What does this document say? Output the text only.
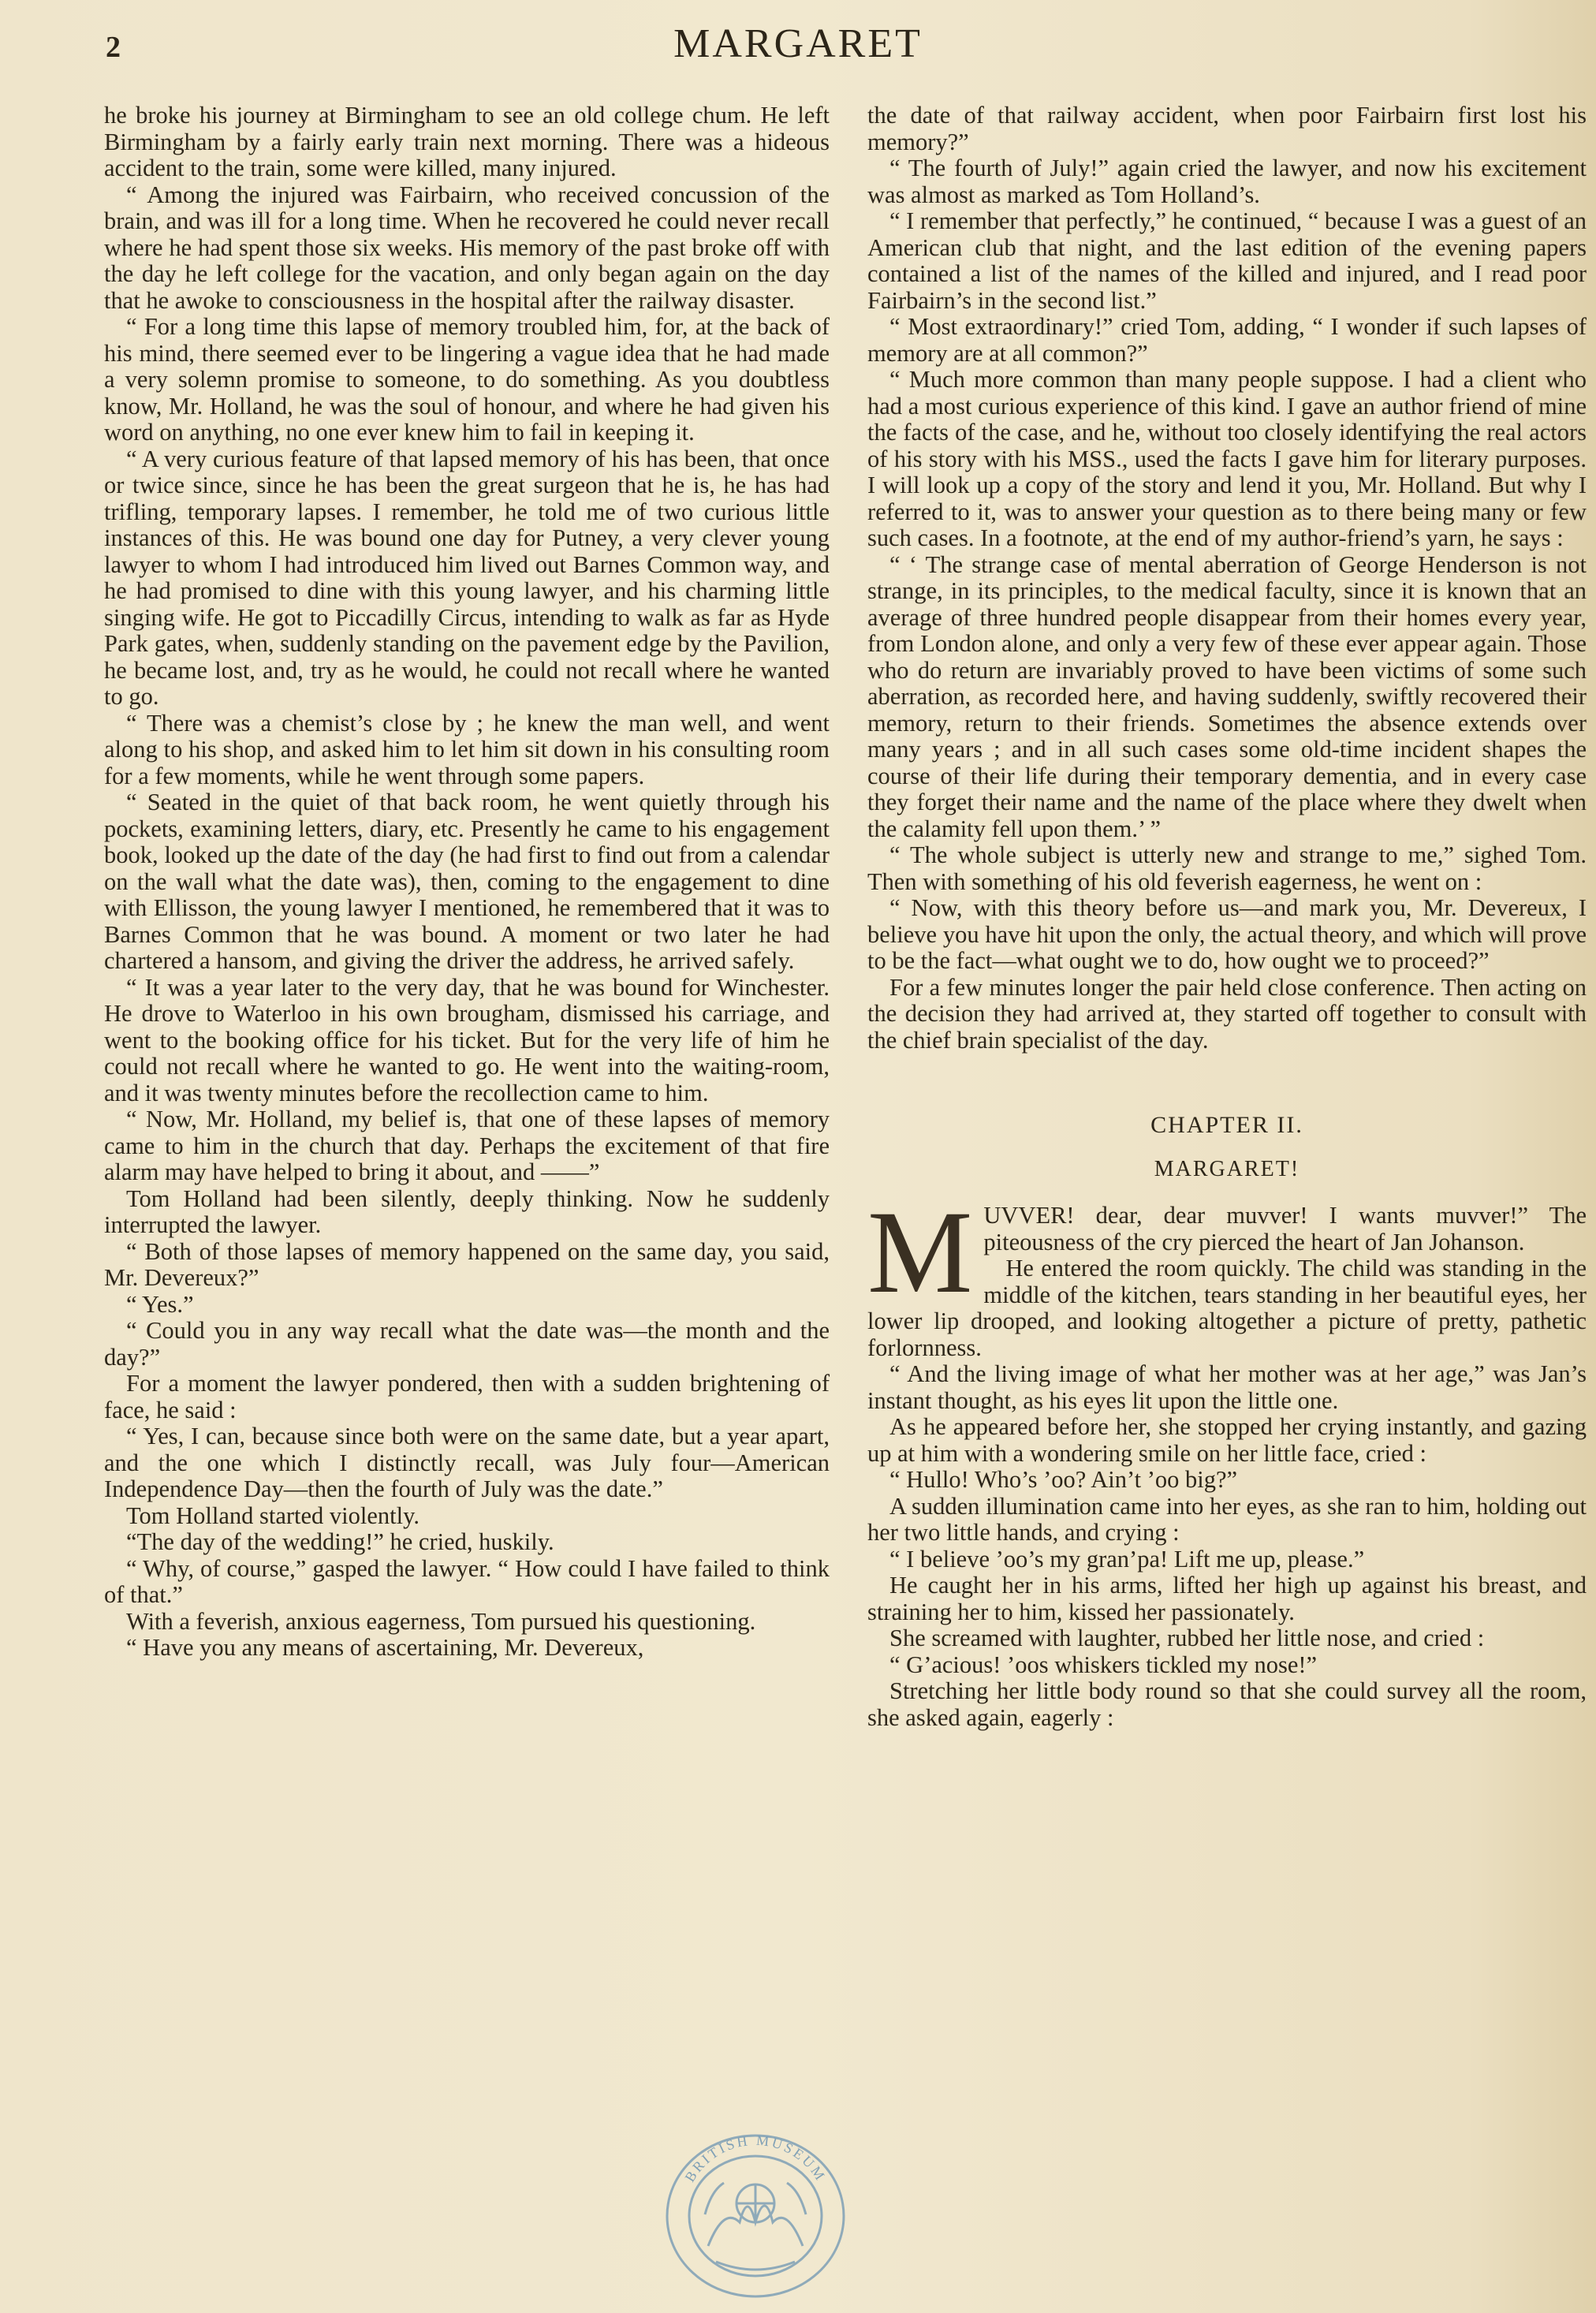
2	MARGARET

he broke his journey at Birmingham to see an old college chum. He left Birmingham by a fairly early train next morning. There was a hideous accident to the train, some were killed, many injured.

“ Among the injured was Fairbairn, who received concussion of the brain, and was ill for a long time. When he recovered he could never recall where he had spent those six weeks. His memory of the past broke off with the day he left college for the vacation, and only began again on the day that he awoke to consciousness in the hospital after the railway disaster.

“ For a long time this lapse of memory troubled him, for, at the back of his mind, there seemed ever to be lingering a vague idea that he had made a very solemn promise to someone, to do something. As you doubtless know, Mr. Holland, he was the soul of honour, and where he had given his word on anything, no one ever knew him to fail in keeping it.

“ A very curious feature of that lapsed memory of his has been, that once or twice since, since he has been the great surgeon that he is, he has had trifling, temporary lapses. I remember, he told me of two curious little instances of this. He was bound one day for Putney, a very clever young lawyer to whom I had introduced him lived out Barnes Common way, and he had promised to dine with this young lawyer, and his charming little singing wife. He got to Piccadilly Circus, intending to walk as far as Hyde Park gates, when, suddenly standing on the pavement edge by the Pavilion, he became lost, and, try as he would, he could not recall where he wanted to go.

“ There was a chemist’s close by ; he knew the man well, and went along to his shop, and asked him to let him sit down in his consulting room for a few moments, while he went through some papers.

“ Seated in the quiet of that back room, he went quietly through his pockets, examining letters, diary, etc. Presently he came to his engagement book, looked up the date of the day (he had first to find out from a calendar on the wall what the date was), then, coming to the engagement to dine with Ellisson, the young lawyer I mentioned, he remembered that it was to Barnes Common that he was bound. A moment or two later he had chartered a hansom, and giving the driver the address, he arrived safely.

“ It was a year later to the very day, that he was bound for Winchester. He drove to Waterloo in his own brougham, dismissed his carriage, and went to the booking office for his ticket. But for the very life of him he could not recall where he wanted to go. He went into the waiting-room, and it was twenty minutes before the recollection came to him.

“ Now, Mr. Holland, my belief is, that one of these lapses of memory came to him in the church that day. Perhaps the excitement of that fire alarm may have helped to bring it about, and ——”

Tom Holland had been silently, deeply thinking. Now he suddenly interrupted the lawyer.

“ Both of those lapses of memory happened on the same day, you said, Mr. Devereux?”

“ Yes.”

“ Could you in any way recall what the date was—the month and the day?”

For a moment the lawyer pondered, then with a sudden brightening of face, he said :

“ Yes, I can, because since both were on the same date, but a year apart, and the one which I distinctly recall, was July four—American Independence Day—then the fourth of July was the date.”

Tom Holland started violently.

“The day of the wedding!” he cried, huskily.

“ Why, of course,” gasped the lawyer. “ How could I have failed to think of that.”

With a feverish, anxious eagerness, Tom pursued his questioning.

“ Have you any means of ascertaining, Mr. Devereux,

the date of that railway accident, when poor Fairbairn first lost his memory?”

“ The fourth of July!” again cried the lawyer, and now his excitement was almost as marked as Tom Holland’s.

“ I remember that perfectly,” he continued, “ because I was a guest of an American club that night, and the last edition of the evening papers contained a list of the names of the killed and injured, and I read poor Fairbairn’s in the second list.”

“ Most extraordinary!” cried Tom, adding, “ I wonder if such lapses of memory are at all common?”

“ Much more common than many people suppose. I had a client who had a most curious experience of this kind. I gave an author friend of mine the facts of the case, and he, without too closely identifying the real actors of his story with his MSS., used the facts I gave him for literary purposes. I will look up a copy of the story and lend it you, Mr. Holland. But why I referred to it, was to answer your question as to there being many or few such cases. In a footnote, at the end of my author-friend’s yarn, he says :

“ ‘ The strange case of mental aberration of George Henderson is not strange, in its principles, to the medical faculty, since it is known that an average of three hundred people disappear from their homes every year, from London alone, and only a very few of these ever appear again. Those who do return are invariably proved to have been victims of some such aberration, as recorded here, and having suddenly, swiftly recovered their memory, return to their friends. Sometimes the absence extends over many years ; and in all such cases some old-time incident shapes the course of their life during their temporary dementia, and in every case they forget their name and the name of the place where they dwelt when the calamity fell upon them.’ ”

“ The whole subject is utterly new and strange to me,” sighed Tom. Then with something of his old feverish eagerness, he went on :

“ Now, with this theory before us—and mark you, Mr. Devereux, I believe you have hit upon the only, the actual theory, and which will prove to be the fact—what ought we to do, how ought we to proceed?”

For a few minutes longer the pair held close conference. Then acting on the decision they had arrived at, they started off together to consult with the chief brain specialist of the day.

CHAPTER II.
MARGARET!

MUVVER! dear, dear muvver! I wants muvver!” The piteousness of the cry pierced the heart of Jan Johanson.

He entered the room quickly. The child was standing in the middle of the kitchen, tears standing in her beautiful eyes, her lower lip drooped, and looking altogether a picture of pretty, pathetic forlornness.

“ And the living image of what her mother was at her age,” was Jan’s instant thought, as his eyes lit upon the little one.

As he appeared before her, she stopped her crying instantly, and gazing up at him with a wondering smile on her little face, cried :

“ Hullo! Who’s ’oo? Ain’t ’oo big?”

A sudden illumination came into her eyes, as she ran to him, holding out her two little hands, and crying :

“ I believe ’oo’s my gran’pa! Lift me up, please.”

He caught her in his arms, lifted her high up against his breast, and straining her to him, kissed her passionately.

She screamed with laughter, rubbed her little nose, and cried :

“ G’acious! ’oos whiskers tickled my nose!”

Stretching her little body round so that she could survey all the room, she asked again, eagerly :

BRITISH MUSEUM
